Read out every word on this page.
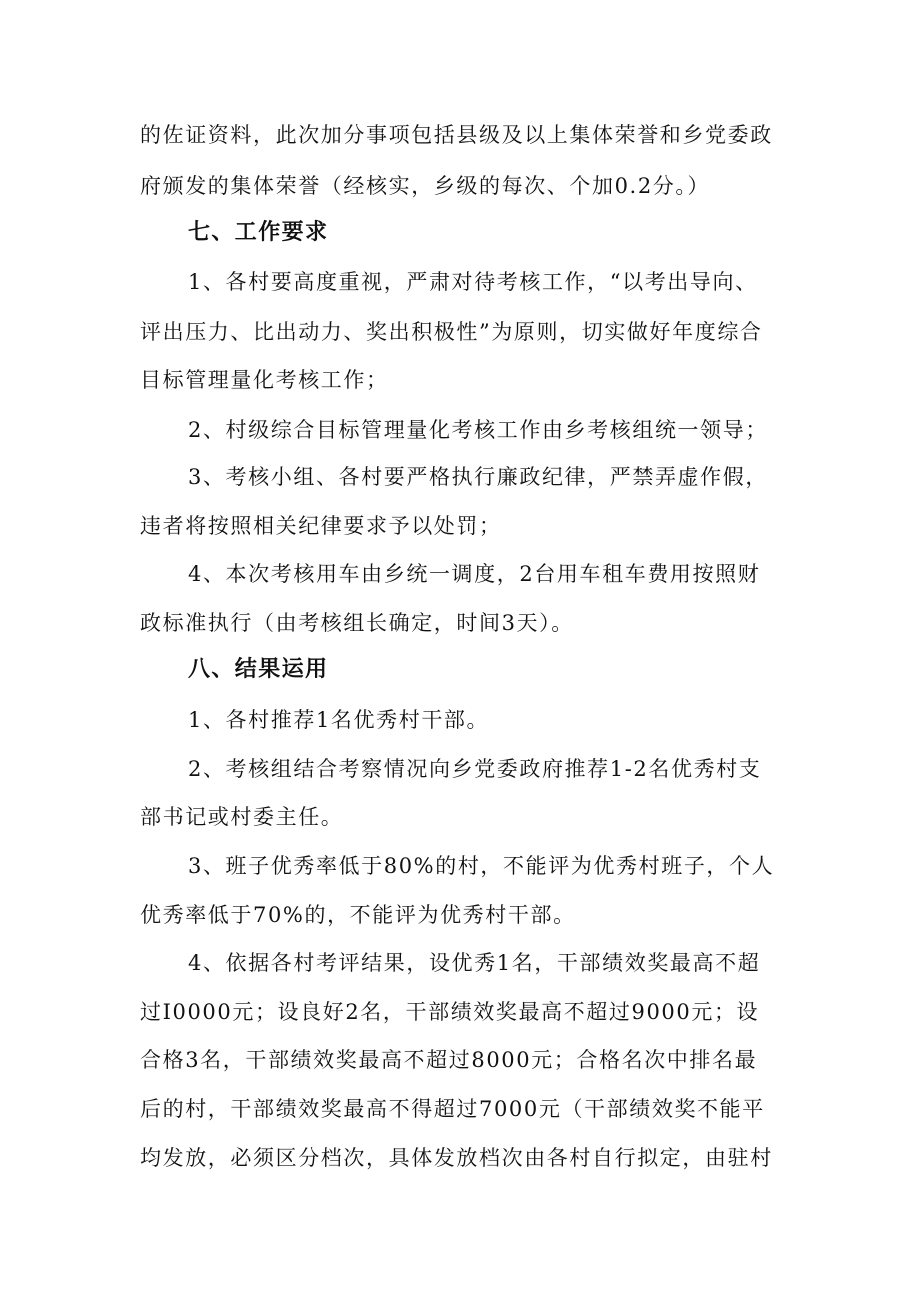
的佐证资料，此次加分事项包括县级及以上集体荣誉和乡党委政
府颁发的集体荣誉（经核实，乡级的每次、个加0.2分。）
七、工作要求
1、各村要高度重视，严肃对待考核工作，“以考出导向、
评出压力、比出动力、奖出积极性”为原则，切实做好年度综合
目标管理量化考核工作；
2、村级综合目标管理量化考核工作由乡考核组统一领导；
3、考核小组、各村要严格执行廉政纪律，严禁弄虚作假，
违者将按照相关纪律要求予以处罚；
4、本次考核用车由乡统一调度，2台用车租车费用按照财
政标准执行（由考核组长确定，时间3天）。
八、结果运用
1、各村推荐1名优秀村干部。
2、考核组结合考察情况向乡党委政府推荐1-2名优秀村支
部书记或村委主任。
3、班子优秀率低于80%的村，不能评为优秀村班子，个人
优秀率低于70%的，不能评为优秀村干部。
4、依据各村考评结果，设优秀1名，干部绩效奖最高不超
过I0000元；设良好2名，干部绩效奖最高不超过9000元；设
合格3名，干部绩效奖最高不超过8000元；合格名次中排名最
后的村，干部绩效奖最高不得超过7000元（干部绩效奖不能平
均发放，必须区分档次，具体发放档次由各村自行拟定，由驻村
